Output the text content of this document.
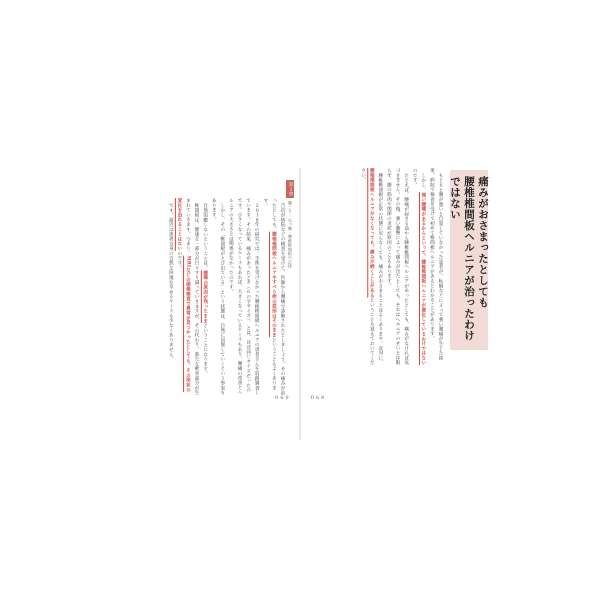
第２章
腰こり・ねっ腰・腰椎椎間板の正体

吉信が病院などの検査を受けて、医師から腰痛で診断されたとしましょう。その痛みが治ったとしても、腰椎椎間板ヘルニアやすべり症の変形はそのままということもよくあります。

２０１８年の研究では、手術を受けなかった腰椎椎間板ヘルニアの患者さんを追跡調査しています。その結果、痛みがあったとき（６の字サイズ）、とは、ほぼ同じサイズだったのです。小さくなっているケースもあれば、大きくなっているケースもあり、腰痛の改善とヘルニアの大きさとは関係がなかったのです。

しかし、その「椎間板がとび出ている」という状態は、自然に回復していくという事実もあります。

自然治癒しないということは、腰痛の原因が残ったままということになります。

椎間板は、健康な一部分が日々すり減っていきますが、その代わり、新たな軟骨部分が生まれていきます。つまり、MRIなどの画像検査で異常が見つかったとしても、その形状の変化を恐れることはないのです。

です。最近は患者自身の自然な回復を早めるケースも少なくありません。

０６９
痛みがおさまったとしても
腰椎椎間板ヘルニアが治ったわけではない

もともと腰が悪いと自覚していなかった患者が、転倒などによって強い腰痛が生じた結果、病院で検査を受けて初めて椎間板ヘルニアがあるとわかることがあります。

しかし、強い腰痛があるからといって、腰椎椎間板ヘルニアが悪化しているわけではないのです。

たとえば、腰痛が起きる前から腰椎椎間板ヘルニアがあったとしても、痛みがなければ気づきません。その後、強い衝撃によって痛みが出たとしても、それはヘルニアのせいとは限らず、腰の筋肉や関節の炎症が原因のこともあります。

腰椎椎間板が正常の状態に戻らなくても、痛みがおさまることはよくあります。反対に、腰椎椎間板ヘルニアがなくなっても、痛みが続くことがあるということも覚えておいてください。

０６８
